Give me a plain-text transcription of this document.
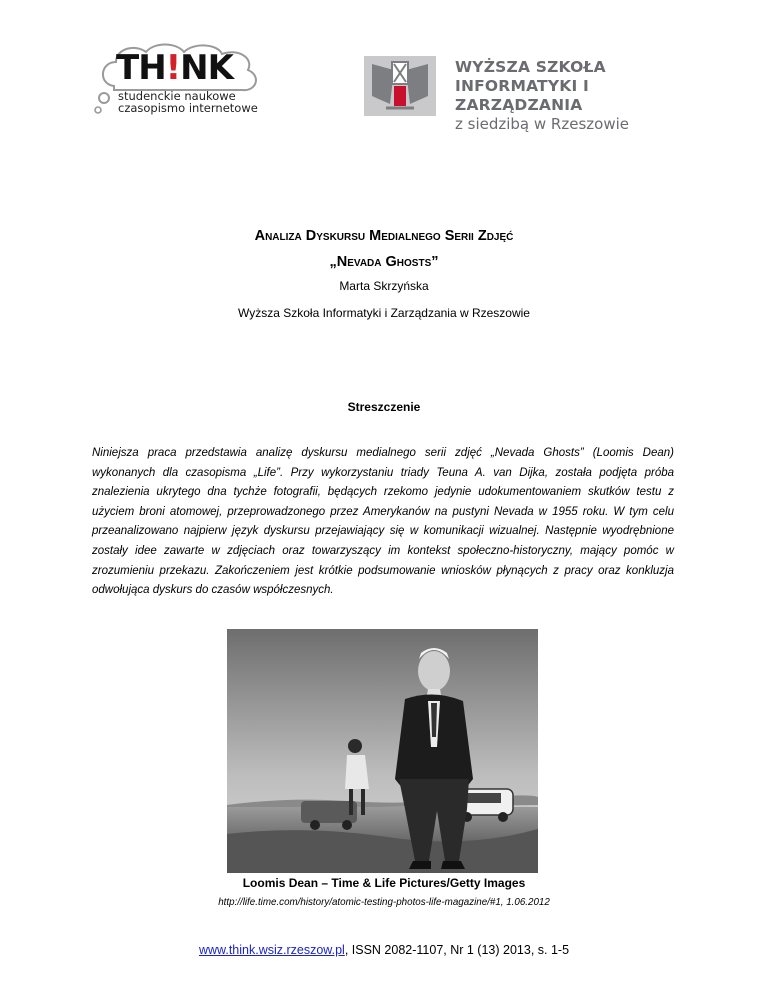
TH!NK
studenckie naukowe
czasopismo internetowe
WYŻSZA SZKOŁA
INFORMATYKI I ZARZĄDZANIA
z siedzibą w Rzeszowie
Analiza Dyskursu Medialnego Serii Zdjęć
„Nevada Ghosts”
Marta Skrzyńska
Wyższa Szkoła Informatyki i Zarządzania w Rzeszowie
Streszczenie
Niniejsza praca przedstawia analizę dyskursu medialnego serii zdjęć „Nevada Ghosts” (Loomis Dean) wykonanych dla czasopisma „Life”. Przy wykorzystaniu triady Teuna A. van Dijka, została podjęta próba znalezienia ukrytego dna tychże fotografii, będących rzekomo jedynie udokumentowaniem skutków testu z użyciem broni atomowej, przeprowadzonego przez Amerykanów na pustyni Nevada w 1955 roku. W tym celu przeanalizowano najpierw język dyskursu przejawiający się w komunikacji wizualnej. Następnie wyodrębnione zostały idee zawarte w zdjęciach oraz towarzyszący im kontekst społeczno-historyczny, mający pomóc w zrozumieniu przekazu. Zakończeniem jest krótkie podsumowanie wniosków płynących z pracy oraz konkluzja odwołująca dyskurs do czasów współczesnych.
Loomis Dean – Time & Life Pictures/Getty Images
http://life.time.com/history/atomic-testing-photos-life-magazine/#1, 1.06.2012
www.think.wsiz.rzeszow.pl, ISSN 2082-1107, Nr 1 (13) 2013, s. 1-5
